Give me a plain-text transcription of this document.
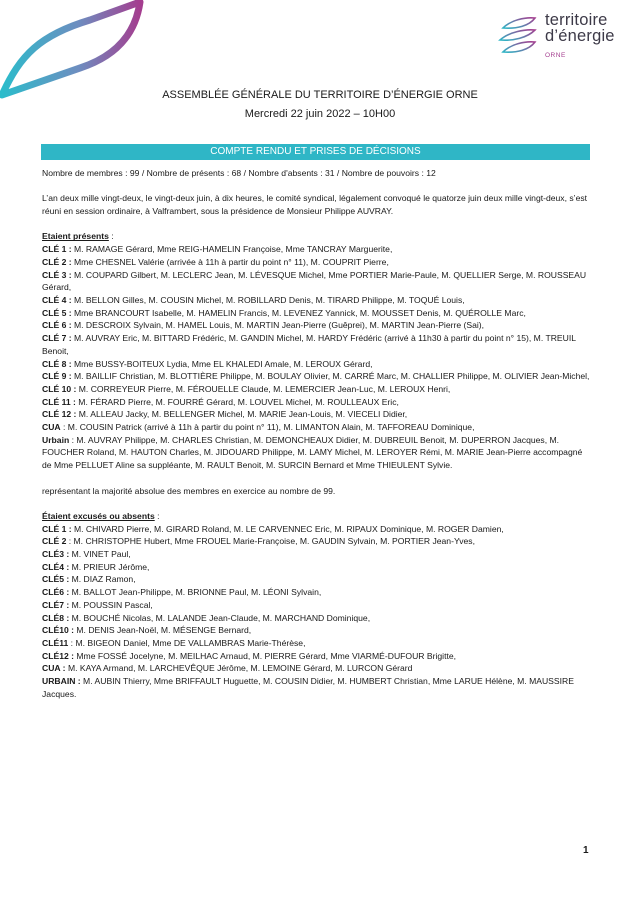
territoire
d’énergie
ORNE
ASSEMBLÉE GÉNÉRALE DU TERRITOIRE D’ÉNERGIE ORNE
Mercredi 22 juin 2022 – 10H00
COMPTE RENDU ET PRISES DE DÉCISIONS

Nombre de membres : 99 / Nombre de présents : 68 / Nombre d'absents : 31 / Nombre de pouvoirs : 12

L’an deux mille vingt-deux, le vingt-deux juin, à dix heures, le comité syndical, légalement convoqué le quatorze juin deux mille vingt-deux, s’est réuni en session ordinaire, à Valframbert, sous la présidence de Monsieur Philippe AUVRAY.

Etaient présents :

CLÉ 1 : M. RAMAGE Gérard, Mme REIG-HAMELIN Françoise, Mme TANCRAY Marguerite,

CLÉ 2 : Mme CHESNEL Valérie (arrivée à 11h à partir du point n° 11), M. COUPRIT Pierre,

CLÉ 3 : M. COUPARD Gilbert, M. LECLERC Jean, M. LÉVESQUE Michel, Mme PORTIER Marie-Paule, M. QUELLIER Serge, M. ROUSSEAU Gérard,

CLÉ 4 : M. BELLON Gilles, M. COUSIN Michel, M. ROBILLARD Denis, M. TIRARD Philippe, M. TOQUÉ Louis,

CLÉ 5 : Mme BRANCOURT Isabelle, M. HAMELIN Francis, M. LEVENEZ Yannick, M. MOUSSET Denis, M. QUÉROLLE Marc,

CLÉ 6 : M. DESCROIX Sylvain, M. HAMEL Louis, M. MARTIN Jean-Pierre (Guêprei), M. MARTIN Jean-Pierre (Sai),

CLÉ 7 : M. AUVRAY Eric, M. BITTARD Frédéric, M. GANDIN Michel, M. HARDY Frédéric (arrivé à 11h30 à partir du point n° 15), M. TREUIL Benoit,

CLÉ 8 : Mme BUSSY-BOITEUX Lydia, Mme EL KHALEDI Amale, M. LEROUX Gérard,

CLÉ 9 : M. BAILLIF Christian, M. BLOTTIÈRE Philippe, M. BOULAY Olivier, M. CARRÉ Marc, M. CHALLIER Philippe, M. OLIVIER Jean-Michel,

CLÉ 10 : M. CORREYEUR Pierre, M. FÉROUELLE Claude, M. LEMERCIER Jean-Luc, M. LEROUX Henri,

CLÉ 11 : M. FÉRARD Pierre, M. FOURRÉ Gérard, M. LOUVEL Michel, M. ROULLEAUX Eric,

CLÉ 12 : M. ALLEAU Jacky, M. BELLENGER Michel, M. MARIE Jean-Louis, M. VIECELI Didier,

CUA : M. COUSIN Patrick (arrivé à 11h à partir du point n° 11), M. LIMANTON Alain, M. TAFFOREAU Dominique,

Urbain : M. AUVRAY Philippe, M. CHARLES Christian, M. DEMONCHEAUX Didier, M. DUBREUIL Benoit, M. DUPERRON Jacques, M. FOUCHER Roland, M. HAUTON Charles, M. JIDOUARD Philippe, M. LAMY Michel, M. LEROYER Rémi, M. MARIE Jean-Pierre accompagné de Mme PELLUET Aline sa suppléante, M. RAULT Benoit, M. SURCIN Bernard et Mme THIEULENT Sylvie.

représentant la majorité absolue des membres en exercice au nombre de 99.

Étaient excusés ou absents :

CLÉ 1 : M. CHIVARD Pierre, M. GIRARD Roland, M. LE CARVENNEC Eric, M. RIPAUX Dominique, M. ROGER Damien,

CLÉ 2 : M. CHRISTOPHE Hubert, Mme FROUEL Marie-Françoise, M. GAUDIN Sylvain, M. PORTIER Jean-Yves,

CLÉ3 : M. VINET Paul,

CLÉ4 : M. PRIEUR Jérôme,

CLÉ5 : M. DIAZ Ramon,

CLÉ6 : M. BALLOT Jean-Philippe, M. BRIONNE Paul, M. LÉONI Sylvain,

CLÉ7 : M. POUSSIN Pascal,

CLÉ8 : M. BOUCHÉ Nicolas, M. LALANDE Jean-Claude, M. MARCHAND Dominique,

CLÉ10 : M. DENIS Jean-Noël, M. MÉSENGE Bernard,

CLÉ11 : M. BIGEON Daniel, Mme DE VALLAMBRAS Marie-Thérèse,

CLÉ12 : Mme FOSSÉ Jocelyne, M. MEILHAC Arnaud, M. PIERRE Gérard, Mme VIARMÉ-DUFOUR Brigitte,

CUA : M. KAYA Armand, M. LARCHEVÊQUE Jérôme, M. LEMOINE Gérard, M. LURCON Gérard

URBAIN : M. AUBIN Thierry, Mme BRIFFAULT Huguette, M. COUSIN Didier, M. HUMBERT Christian, Mme LARUE Hélène, M. MAUSSIRE Jacques.

1
